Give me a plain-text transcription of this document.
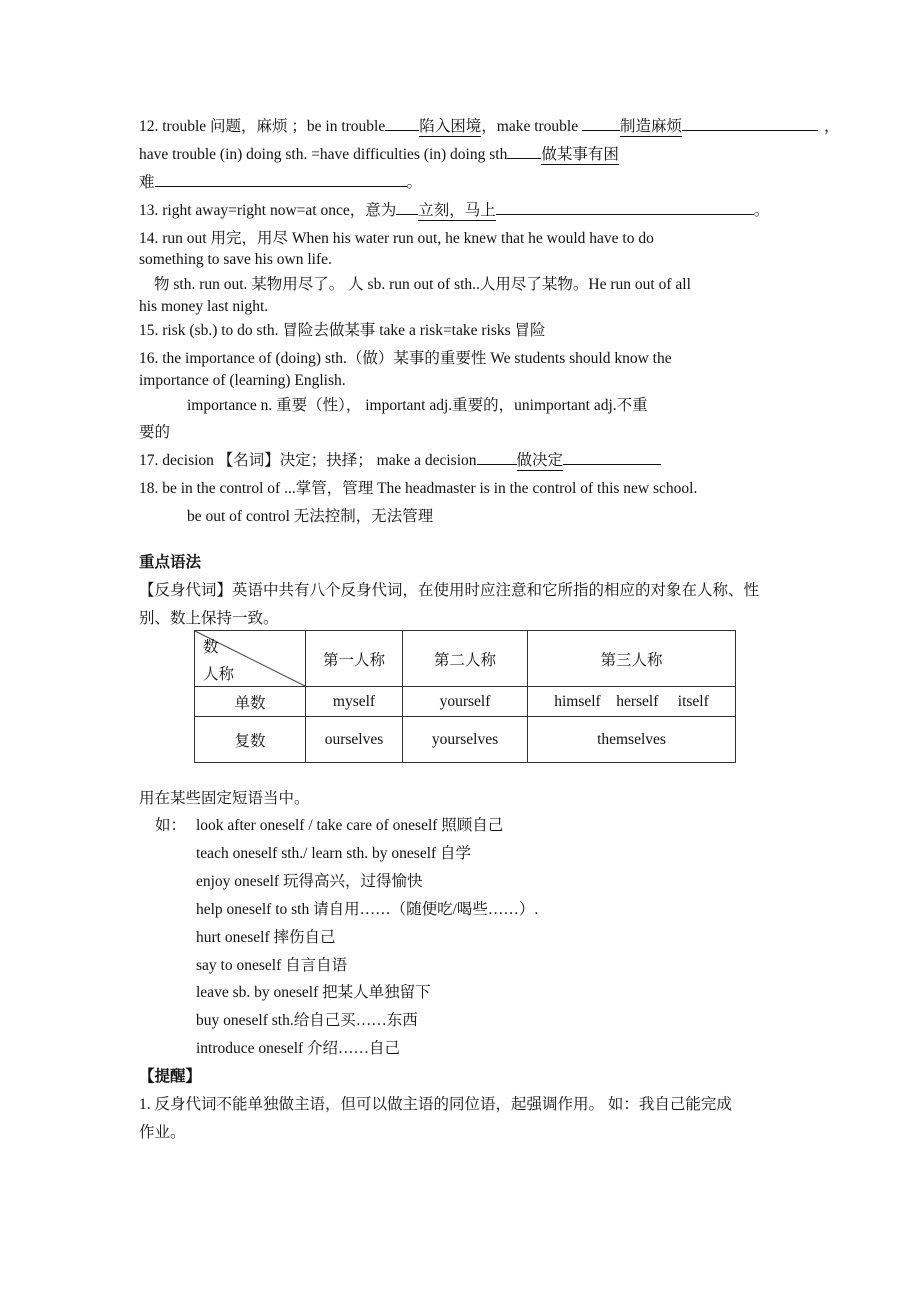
12. trouble 问题，麻烦 ；be in trouble 陷入困境，make trouble	制造麻烦	，
have trouble (in) doing sth. =have difficulties (in) doing sth 做某事有困
难	。
13. right away=right now=at once，意为 立刻，马上	。
14. run out 用完，用尽 When his water run out, he knew that he would have to do
something to save his own life.
物 sth. run out. 某物用尽了。 人 sb. run out of sth..人用尽了某物。He run out of all
his money last night.
15. risk (sb.) to do sth. 冒险去做某事 take a risk=take risks 冒险
16. the importance of (doing) sth.（做）某事的重要性 We students should know the
importance of (learning) English.
importance n. 重要（性）， important adj.重要的，unimportant adj.不重
要的
17. decision 【名词】决定；抉择； make a decision	做决定
18. be in the control of ...掌管，管理 The headmaster is in the control of this new school.
be out of control 无法控制，无法管理
重点语法
【反身代词】英语中共有八个反身代词，在使用时应注意和它所指的相应的对象在人称、性
别、数上保持一致。
数
人称	第一人称	第二人称	第三人称
单数	myself	yourself	himself herself itself
复数	ourselves	yourselves	themselves
用在某些固定短语当中。
如： look after oneself / take care of oneself 照顾自己
teach oneself sth./ learn sth. by oneself 自学
enjoy oneself 玩得高兴，过得愉快
help oneself to sth 请自用……（随便吃/喝些……）.
hurt oneself 摔伤自己
say to oneself 自言自语
leave sb. by oneself 把某人单独留下
buy oneself sth.给自己买……东西
introduce oneself 介绍……自己
【提醒】
1. 反身代词不能单独做主语，但可以做主语的同位语，起强调作用。 如：我自己能完成
作业。
